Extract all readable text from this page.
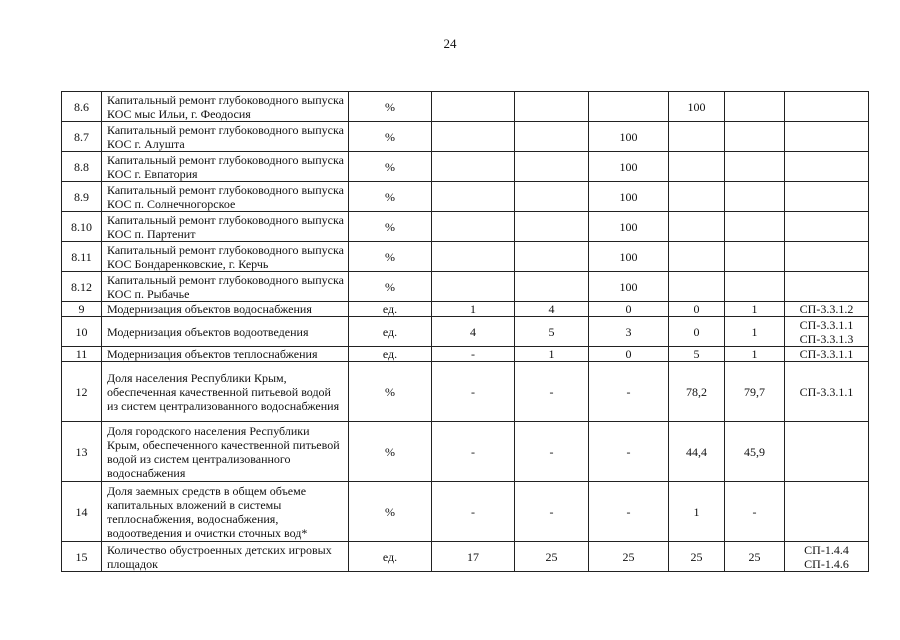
24
8.6	Капитальный ремонт глубоководного выпуска КОС мыс Ильи, г. Феодосия	%				100		
8.7	Капитальный ремонт глубоководного выпуска КОС г. Алушта	%			100			
8.8	Капитальный ремонт глубоководного выпуска КОС г. Евпатория	%			100			
8.9	Капитальный ремонт глубоководного выпуска КОС п. Солнечногорское	%			100			
8.10	Капитальный ремонт глубоководного выпуска КОС п. Партенит	%			100			
8.11	Капитальный ремонт глубоководного выпуска КОС Бондаренковские, г. Керчь	%			100			
8.12	Капитальный ремонт глубоководного выпуска КОС п. Рыбачье	%			100			
9	Модернизация объектов водоснабжения	ед.	1	4	0	0	1	СП-3.3.1.2
10	Модернизация объектов водоотведения	ед.	4	5	3	0	1	СП-3.3.1.1 СП-3.3.1.3
11	Модернизация объектов теплоснабжения	ед.	-	1	0	5	1	СП-3.3.1.1
12	Доля населения Республики Крым, обеспеченная качественной питьевой водой из систем централизованного водоснабжения	%	-	-	-	78,2	79,7	СП-3.3.1.1
13	Доля городского населения Республики Крым, обеспеченного качественной питьевой водой из систем централизованного водоснабжения	%	-	-	-	44,4	45,9	
14	Доля заемных средств в общем объеме капитальных вложений в системы теплоснабжения, водоснабжения, водоотведения и очистки сточных вод*	%	-	-	-	1	-	
15	Количество обустроенных детских игровых площадок	ед.	17	25	25	25	25	СП-1.4.4 СП-1.4.6
